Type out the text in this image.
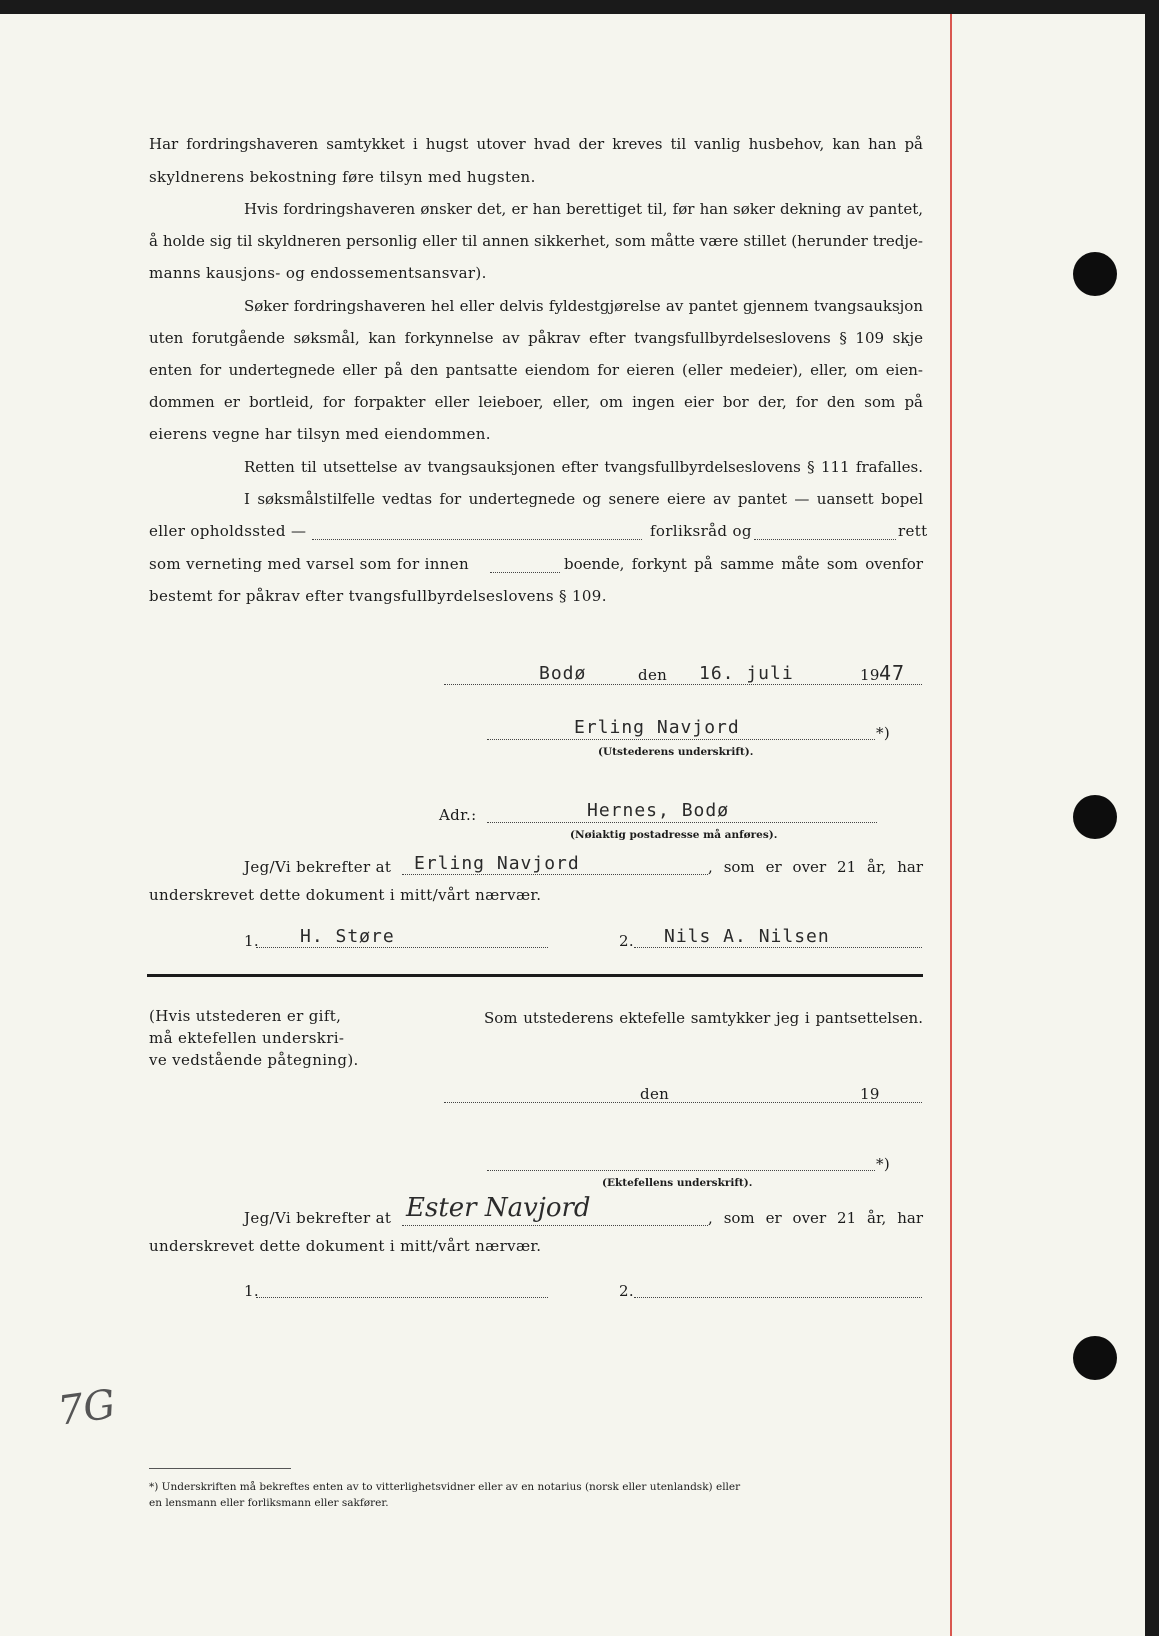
Har fordringshaveren samtykket i hugst utover hvad der kreves til vanlig husbehov, kan han på
skyldnerens bekostning føre tilsyn med hugsten.
Hvis fordringshaveren ønsker det, er han berettiget til, før han søker dekning av pantet,
å holde sig til skyldneren personlig eller til annen sikkerhet, som måtte være stillet (herunder tredje-
manns kausjons- og endossementsansvar).
Søker fordringshaveren hel eller delvis fyldestgjørelse av pantet gjennem tvangsauksjon
uten forutgående søksmål, kan forkynnelse av påkrav efter tvangsfullbyrdelseslovens § 109 skje
enten for undertegnede eller på den pantsatte eiendom for eieren (eller medeier), eller, om eien-
dommen er bortleid, for forpakter eller leieboer, eller, om ingen eier bor der, for den som på
eierens vegne har tilsyn med eiendommen.
Retten til utsettelse av tvangsauksjonen efter tvangsfullbyrdelseslovens § 111 frafalles.
I søksmålstilfelle vedtas for undertegnede og senere eiere av pantet — uansett bopel
eller opholdssted —	forliksråd og	rett
som verneting med varsel som for innen	boende, forkynt på samme måte som ovenfor
bestemt for påkrav efter tvangsfullbyrdelseslovens § 109.
Bodø	den 16. juli	19 47
Erling Navjord	*)
(Utstederens underskrift).
Adr.:	Hernes, Bodø
(Nøiaktig postadresse må anføres).
Jeg/Vi bekrefter at Erling Navjord	, som er over 21 år, har
underskrevet dette dokument i mitt/vårt nærvær.
1. H. Støre	2. Nils A. Nilsen
(Hvis utstederen er gift,
må ektefellen underskri-
ve vedstående påtegning).
Som utstederens ektefelle samtykker jeg i pantsettelsen.
den	19
*)
(Ektefellens underskrift).
Jeg/Vi bekrefter at Ester Navjord	, som er over 21 år, har
underskrevet dette dokument i mitt/vårt nærvær.
1.	2.
7G
*) Underskriften må bekreftes enten av to vitterlighetsvidner eller av en notarius (norsk eller utenlandsk) eller
en lensmann eller forliksmann eller sakfører.
